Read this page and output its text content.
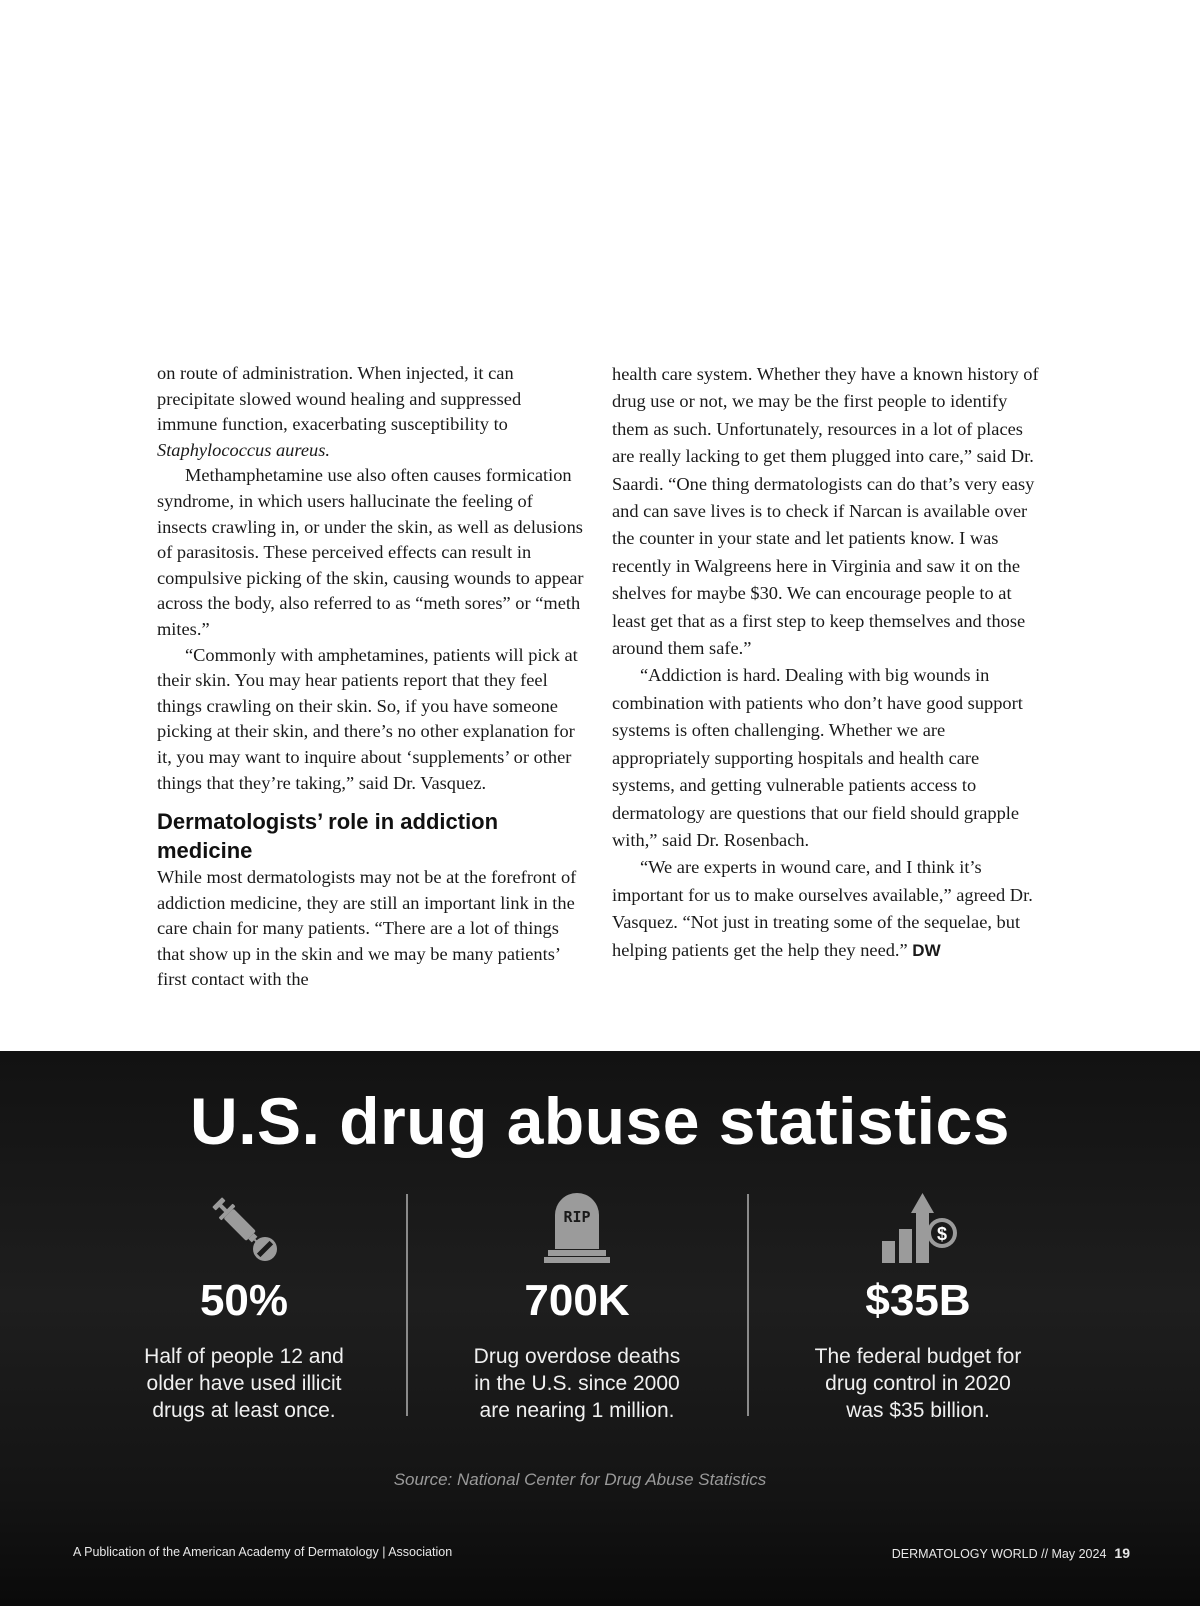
on route of administration. When injected, it can precipitate slowed wound healing and suppressed immune function, exacerbating susceptibility to Staphylococcus aureus.

Methamphetamine use also often causes formication syndrome, in which users hallucinate the feeling of insects crawling in, or under the skin, as well as delusions of parasitosis. These perceived effects can result in compulsive picking of the skin, causing wounds to appear across the body, also referred to as “meth sores” or “meth mites.”

“Commonly with amphetamines, patients will pick at their skin. You may hear patients report that they feel things crawling on their skin. So, if you have someone picking at their skin, and there’s no other explanation for it, you may want to inquire about ‘supplements’ or other things that they’re taking,” said Dr. Vasquez.

Dermatologists’ role in addiction medicine

While most dermatologists may not be at the forefront of addiction medicine, they are still an important link in the care chain for many patients. “There are a lot of things that show up in the skin and we may be many patients’ first contact with the

health care system. Whether they have a known history of drug use or not, we may be the first people to identify them as such. Unfortunately, resources in a lot of places are really lacking to get them plugged into care,” said Dr. Saardi. “One thing dermatologists can do that’s very easy and can save lives is to check if Narcan is available over the counter in your state and let patients know. I was recently in Walgreens here in Virginia and saw it on the shelves for maybe $30. We can encourage people to at least get that as a first step to keep themselves and those around them safe.”

“Addiction is hard. Dealing with big wounds in combination with patients who don’t have good support systems is often challenging. Whether we are appropriately supporting hospitals and health care systems, and getting vulnerable patients access to dermatology are questions that our field should grapple with,” said Dr. Rosenbach.

“We are experts in wound care, and I think it’s important for us to make ourselves available,” agreed Dr. Vasquez. “Not just in treating some of the sequelae, but helping patients get the help they need.” DW

U.S. drug abuse statistics
50%
Half of people 12 and
older have used illicit
drugs at least once.
RIP
700K
Drug overdose deaths
in the U.S. since 2000
are nearing 1 million.
$
$35B
The federal budget for
drug control in 2020
was $35 billion.
Source: National Center for Drug Abuse Statistics
A Publication of the American Academy of Dermatology | Association	DERMATOLOGY WORLD // May 2024 19
